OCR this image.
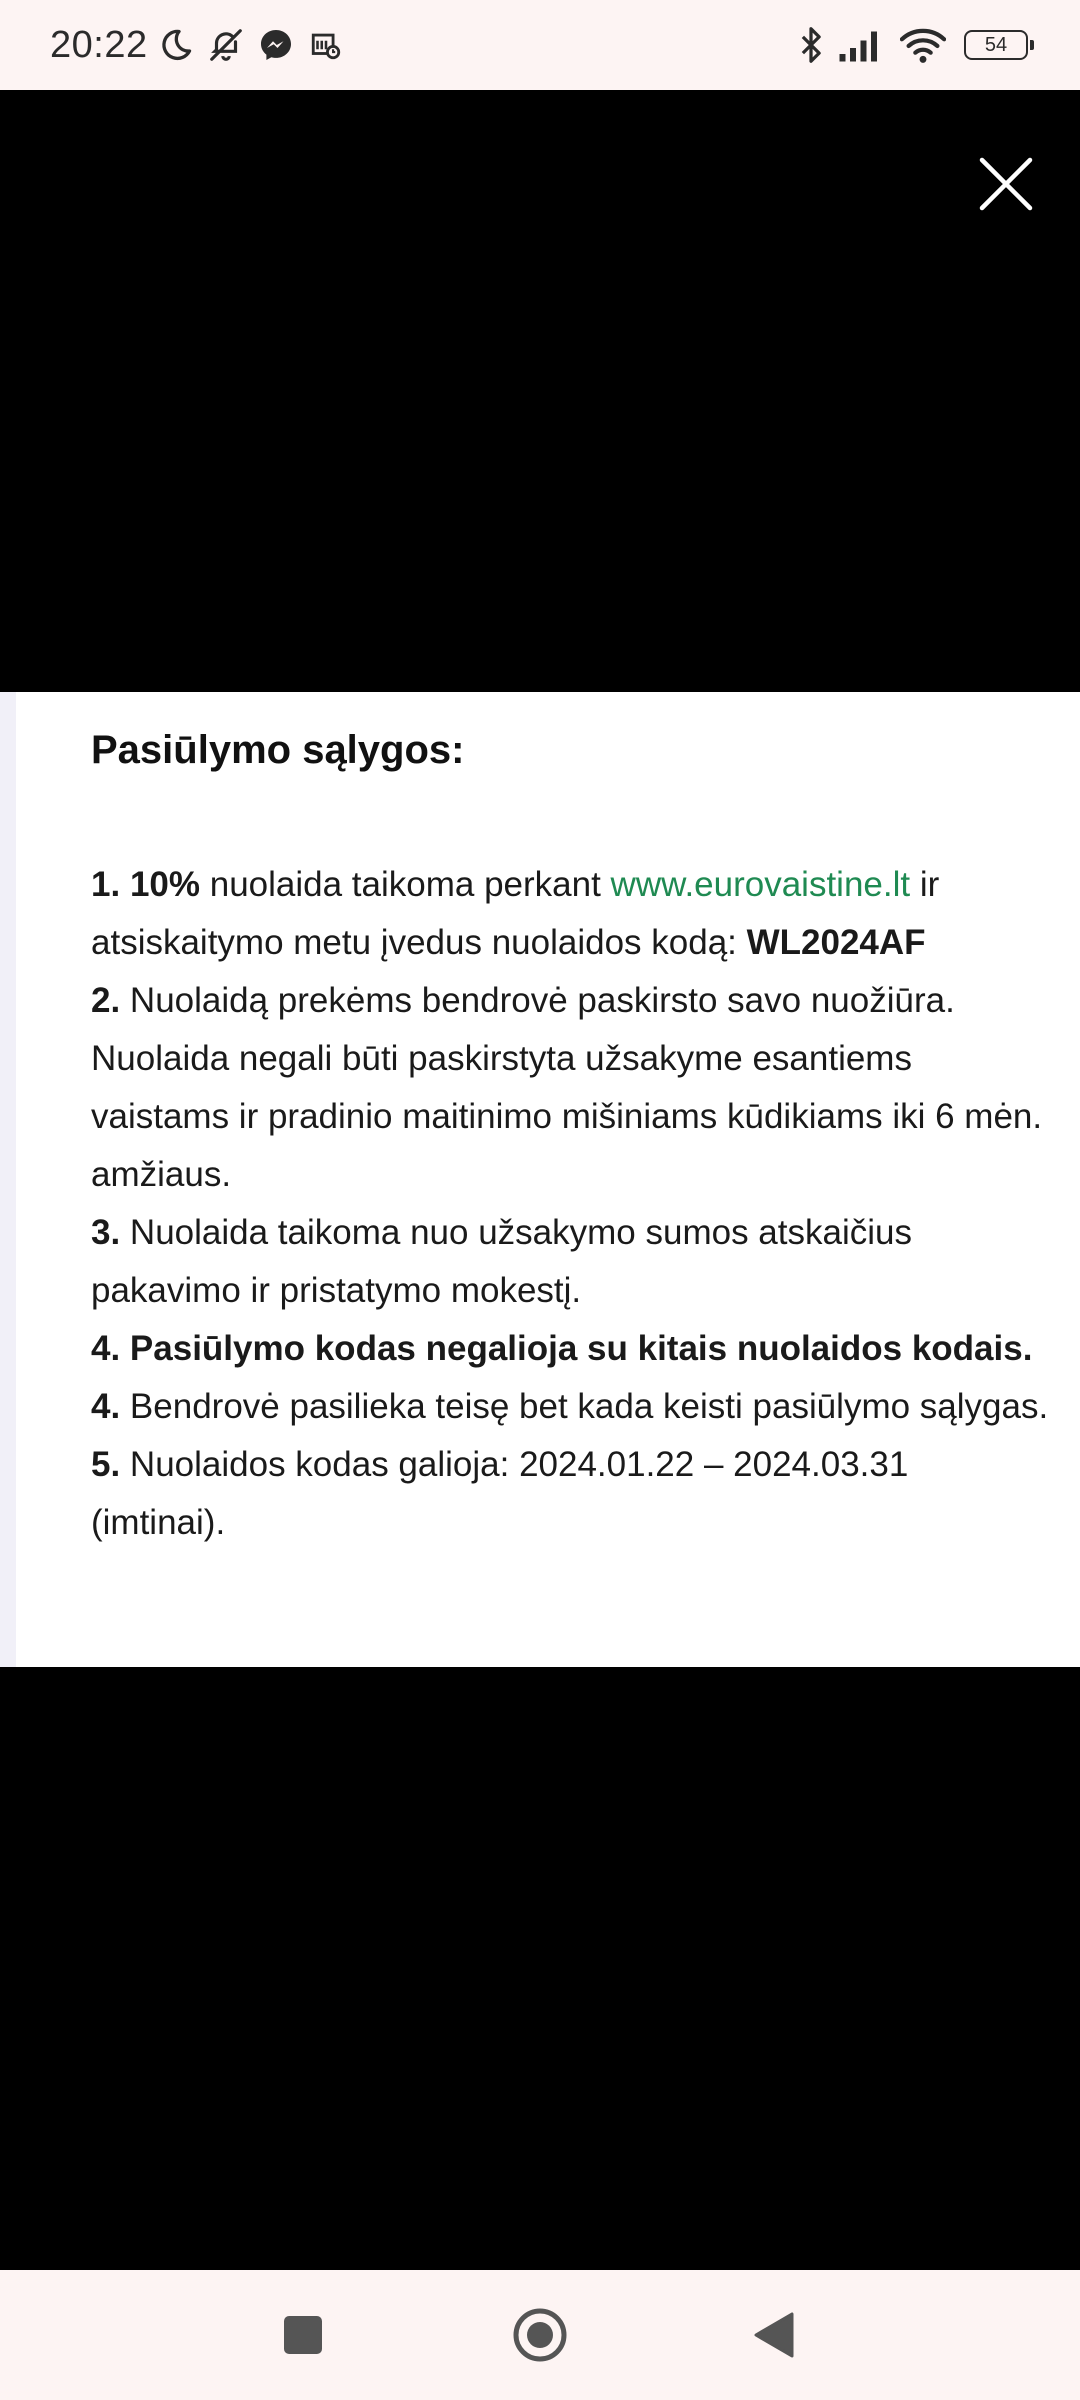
20:22	54
Pasiūlymo sąlygos:

1. 10% nuolaida taikoma perkant www.eurovaistine.lt ir atsiskaitymo metu įvedus nuolaidos kodą: WL2024AF

2. Nuolaidą prekėms bendrovė paskirsto savo nuožiūra. Nuolaida negali būti paskirstyta užsakyme esantiems vaistams ir pradinio maitinimo mišiniams kūdikiams iki 6 mėn. amžiaus.

3. Nuolaida taikoma nuo užsakymo sumos atskaičius pakavimo ir pristatymo mokestį.

4. Pasiūlymo kodas negalioja su kitais nuolaidos kodais.

4. Bendrovė pasilieka teisę bet kada keisti pasiūlymo sąlygas.

5. Nuolaidos kodas galioja: 2024.01.22 – 2024.03.31 (imtinai).
